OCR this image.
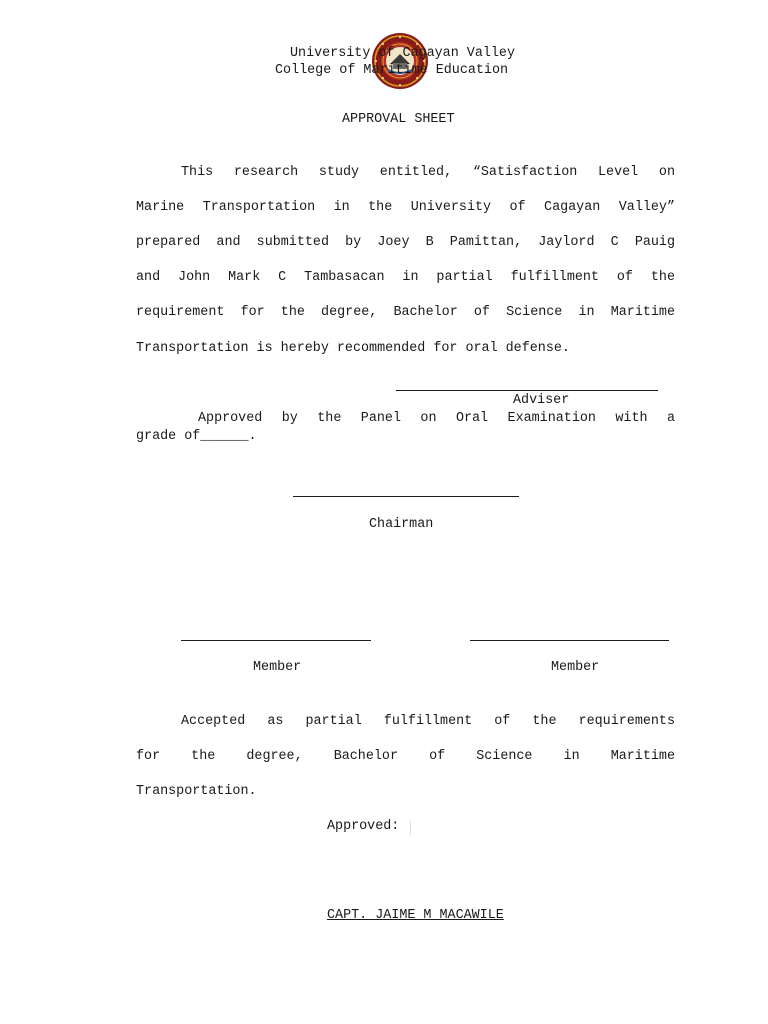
University of Cagayan Valley
College of Maritime Education
APPROVAL SHEET
This research study entitled, “Satisfaction Level on
Marine Transportation in the University of Cagayan Valley”
prepared and submitted by Joey B Pamittan, Jaylord C Pauig
and John Mark C Tambasacan in partial fulfillment of the
requirement for the degree, Bachelor of Science in Maritime
Transportation is hereby recommended for oral defense.
Adviser
Approved by the Panel on Oral Examination with a
grade of______.
Chairman
Member	Member
Accepted as partial fulfillment of the requirements
for the degree, Bachelor of Science in Maritime
Transportation.
Approved:
CAPT. JAIME M MACAWILE
